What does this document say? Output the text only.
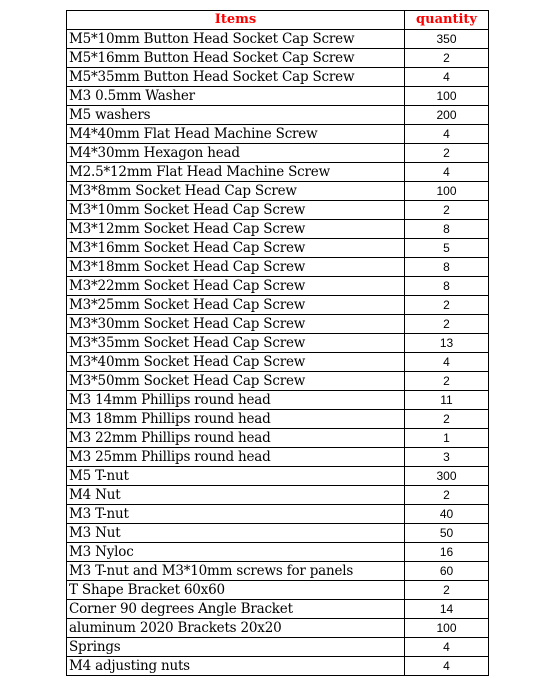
Items	quantity
M5*10mm Button Head Socket Cap Screw	350
M5*16mm Button Head Socket Cap Screw	2
M5*35mm Button Head Socket Cap Screw	4
M3 0.5mm Washer	100
M5 washers	200
M4*40mm Flat Head Machine Screw	4
M4*30mm Hexagon head	2
M2.5*12mm Flat Head Machine Screw	4
M3*8mm Socket Head Cap Screw	100
M3*10mm Socket Head Cap Screw	2
M3*12mm Socket Head Cap Screw	8
M3*16mm Socket Head Cap Screw	5
M3*18mm Socket Head Cap Screw	8
M3*22mm Socket Head Cap Screw	8
M3*25mm Socket Head Cap Screw	2
M3*30mm Socket Head Cap Screw	2
M3*35mm Socket Head Cap Screw	13
M3*40mm Socket Head Cap Screw	4
M3*50mm Socket Head Cap Screw	2
M3 14mm Phillips round head	11
M3 18mm Phillips round head	2
M3 22mm Phillips round head	1
M3 25mm Phillips round head	3
M5 T-nut	300
M4 Nut	2
M3 T-nut	40
M3 Nut	50
M3 Nyloc	16
M3 T-nut and M3*10mm screws for panels	60
T Shape Bracket 60x60	2
Corner 90 degrees Angle Bracket	14
aluminum 2020 Brackets 20x20	100
Springs	4
M4 adjusting nuts	4
